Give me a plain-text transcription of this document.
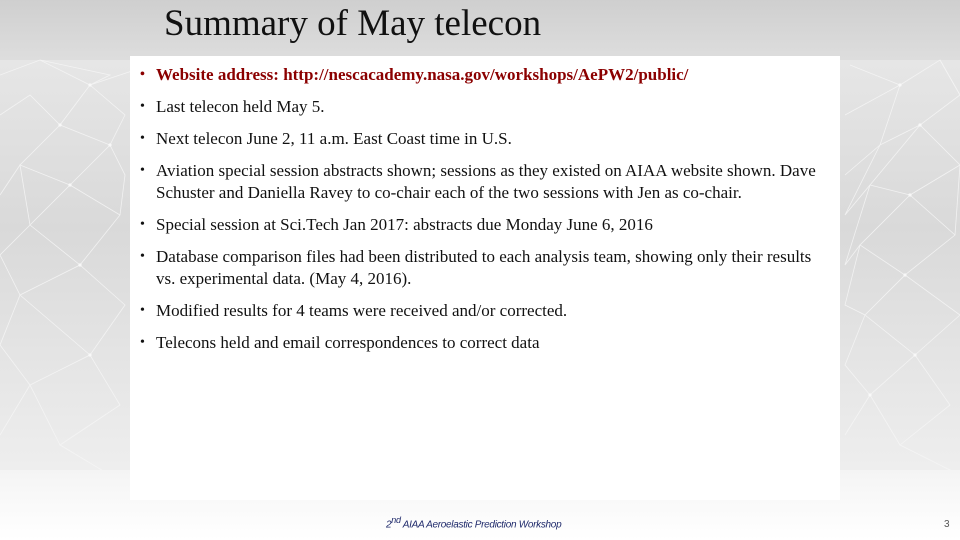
Summary of May telecon
• Website address: http://nescacademy.nasa.gov/workshops/AePW2/public/
• Last telecon held May 5.
• Next telecon June 2, 11 a.m. East Coast time in U.S.
• Aviation special session abstracts shown; sessions as they existed on AIAA website shown. Dave Schuster and Daniella Ravey to co-chair each of the two sessions with Jen as co-chair.
• Special session at Sci.Tech Jan 2017: abstracts due Monday June 6, 2016
• Database comparison files had been distributed to each analysis team, showing only their results vs. experimental data. (May 4, 2016).
• Modified results for 4 teams were received and/or corrected.
• Telecons held and email correspondences to correct data
2nd AIAA Aeroelastic Prediction Workshop	3
